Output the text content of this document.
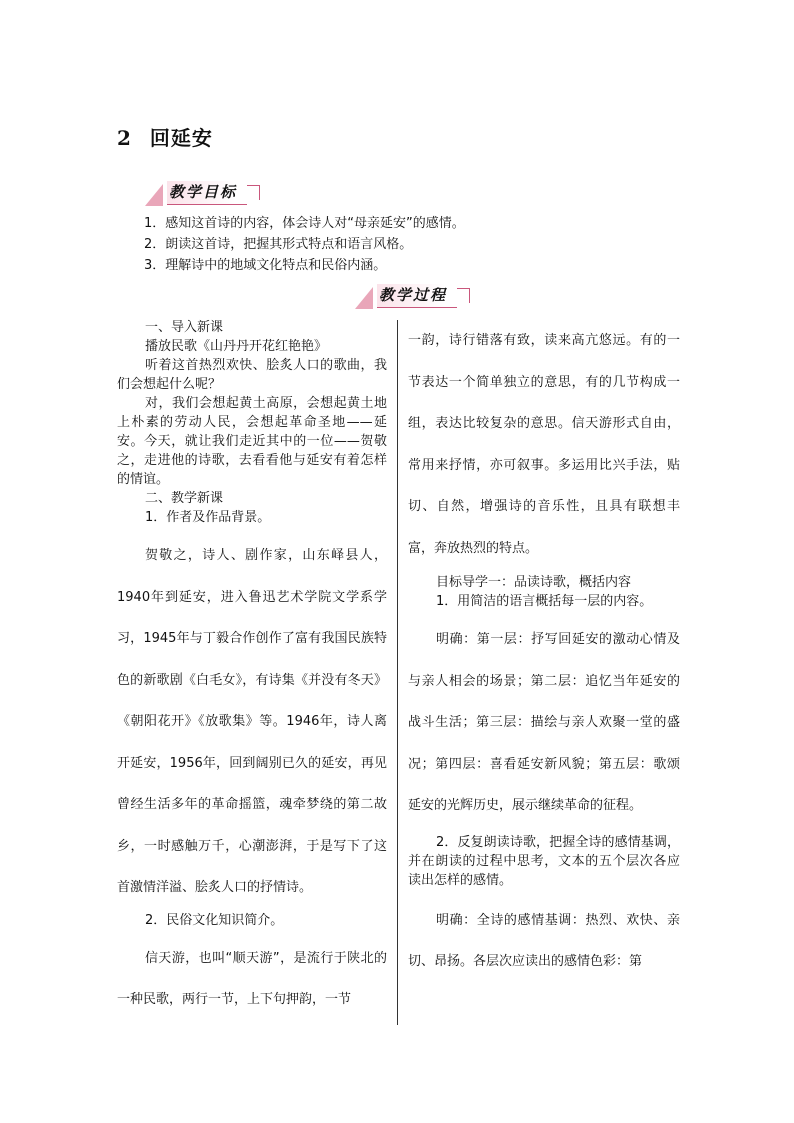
2 回延安
教学目标
1．感知这首诗的内容，体会诗人对“母亲延安”的感情。
2．朗读这首诗，把握其形式特点和语言风格。
3．理解诗中的地域文化特点和民俗内涵。
教学过程

一、导入新课

播放民歌《山丹丹开花红艳艳》

听着这首热烈欢快、脍炙人口的歌曲，我们会想起什么呢？

对，我们会想起黄土高原，会想起黄土地上朴素的劳动人民，会想起革命圣地——延安。今天，就让我们走近其中的一位——贺敬之，走进他的诗歌，去看看他与延安有着怎样的情谊。

二、教学新课

1．作者及作品背景。

贺敬之，诗人、剧作家，山东峄县人，1940年到延安，进入鲁迅艺术学院文学系学习，1945年与丁毅合作创作了富有我国民族特色的新歌剧《白毛女》，有诗集《并没有冬天》《朝阳花开》《放歌集》等。1946年，诗人离开延安，1956年，回到阔别已久的延安，再见曾经生活多年的革命摇篮，魂牵梦绕的第二故乡，一时感触万千，心潮澎湃，于是写下了这首激情洋溢、脍炙人口的抒情诗。

2．民俗文化知识简介。

信天游，也叫“顺天游”，是流行于陕北的一种民歌，两行一节，上下句押韵，一节

一韵，诗行错落有致，读来高亢悠远。有的一节表达一个简单独立的意思，有的几节构成一组，表达比较复杂的意思。信天游形式自由，常用来抒情，亦可叙事。多运用比兴手法，贴切、自然，增强诗的音乐性，且具有联想丰富，奔放热烈的特点。

目标导学一：品读诗歌，概括内容

1．用简洁的语言概括每一层的内容。

明确：第一层：抒写回延安的激动心情及与亲人相会的场景；第二层：追忆当年延安的战斗生活；第三层：描绘与亲人欢聚一堂的盛况；第四层：喜看延安新风貌；第五层：歌颂延安的光辉历史，展示继续革命的征程。

2．反复朗读诗歌，把握全诗的感情基调，并在朗读的过程中思考，文本的五个层次各应读出怎样的感情。

明确：全诗的感情基调：热烈、欢快、亲切、昂扬。各层次应读出的感情色彩：第
